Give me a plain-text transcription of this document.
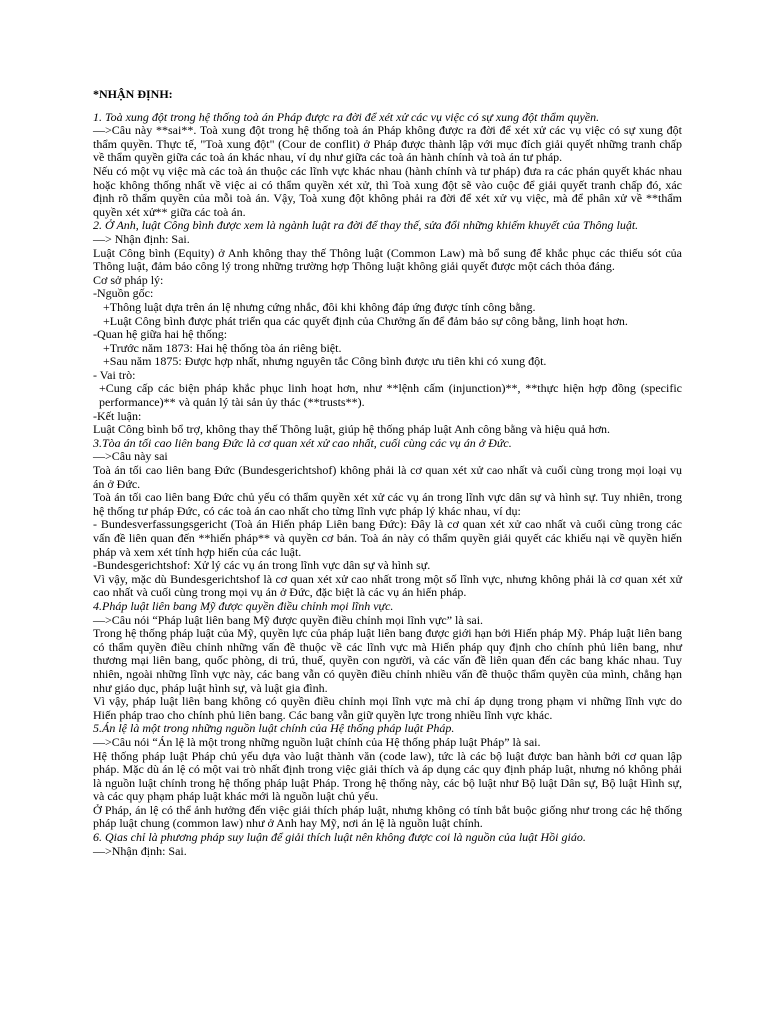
*NHẬN ĐỊNH:

1. Toà xung đột trong hệ thống toà án Pháp được ra đời để xét xử các vụ việc có sự xung đột thẩm quyền.

—>Câu này **sai**. Toà xung đột trong hệ thống toà án Pháp không được ra đời để xét xử các vụ việc có sự xung đột thẩm quyền. Thực tế, "Toà xung đột" (Cour de conflit) ở Pháp được thành lập với mục đích giải quyết những tranh chấp về thẩm quyền giữa các toà án khác nhau, ví dụ như giữa các toà án hành chính và toà án tư pháp.

Nếu có một vụ việc mà các toà án thuộc các lĩnh vực khác nhau (hành chính và tư pháp) đưa ra các phán quyết khác nhau hoặc không thống nhất về việc ai có thẩm quyền xét xử, thì Toà xung đột sẽ vào cuộc để giải quyết tranh chấp đó, xác định rõ thẩm quyền của mỗi toà án. Vậy, Toà xung đột không phải ra đời để xét xử vụ việc, mà để phân xử về **thẩm quyền xét xử** giữa các toà án.

2. Ở Anh, luật Công bình được xem là ngành luật ra đời để thay thế, sửa đổi những khiếm khuyết của Thông luật.

—> Nhận định: Sai.

Luật Công bình (Equity) ở Anh không thay thế Thông luật (Common Law) mà bổ sung để khắc phục các thiếu sót của Thông luật, đảm bảo công lý trong những trường hợp Thông luật không giải quyết được một cách thỏa đáng.

Cơ sở pháp lý:

-Nguồn gốc:

+Thông luật dựa trên án lệ nhưng cứng nhắc, đôi khi không đáp ứng được tính công bằng.

+Luật Công bình được phát triển qua các quyết định của Chưởng ấn để đảm bảo sự công bằng, linh hoạt hơn.

-Quan hệ giữa hai hệ thống:

+Trước năm 1873: Hai hệ thống tòa án riêng biệt.

+Sau năm 1875: Được hợp nhất, nhưng nguyên tắc Công bình được ưu tiên khi có xung đột.

- Vai trò:

+Cung cấp các biện pháp khắc phục linh hoạt hơn, như **lệnh cấm (injunction)**, **thực hiện hợp đồng (specific performance)** và quản lý tài sản ủy thác (**trusts**).

-Kết luận:

Luật Công bình bổ trợ, không thay thế Thông luật, giúp hệ thống pháp luật Anh công bằng và hiệu quả hơn.

3.Tòa án tối cao liên bang Đức là cơ quan xét xử cao nhất, cuối cùng các vụ án ở Đức.

—>Câu này sai

Toà án tối cao liên bang Đức (Bundesgerichtshof) không phải là cơ quan xét xử cao nhất và cuối cùng trong mọi loại vụ án ở Đức.

Toà án tối cao liên bang Đức chủ yếu có thẩm quyền xét xử các vụ án trong lĩnh vực dân sự và hình sự. Tuy nhiên, trong hệ thống tư pháp Đức, có các toà án cao nhất cho từng lĩnh vực pháp lý khác nhau, ví dụ:

- Bundesverfassungsgericht (Toà án Hiến pháp Liên bang Đức): Đây là cơ quan xét xử cao nhất và cuối cùng trong các vấn đề liên quan đến **hiến pháp** và quyền cơ bản. Toà án này có thẩm quyền giải quyết các khiếu nại về quyền hiến pháp và xem xét tính hợp hiến của các luật.

-Bundesgerichtshof: Xử lý các vụ án trong lĩnh vực dân sự và hình sự.

Vì vậy, mặc dù Bundesgerichtshof là cơ quan xét xử cao nhất trong một số lĩnh vực, nhưng không phải là cơ quan xét xử cao nhất và cuối cùng trong mọi vụ án ở Đức, đặc biệt là các vụ án hiến pháp.

4.Pháp luật liên bang Mỹ được quyền điều chỉnh mọi lĩnh vực.

—>Câu nói “Pháp luật liên bang Mỹ được quyền điều chỉnh mọi lĩnh vực” là sai.

Trong hệ thống pháp luật của Mỹ, quyền lực của pháp luật liên bang được giới hạn bởi Hiến pháp Mỹ. Pháp luật liên bang có thẩm quyền điều chỉnh những vấn đề thuộc về các lĩnh vực mà Hiến pháp quy định cho chính phủ liên bang, như thương mại liên bang, quốc phòng, di trú, thuế, quyền con người, và các vấn đề liên quan đến các bang khác nhau. Tuy nhiên, ngoài những lĩnh vực này, các bang vẫn có quyền điều chỉnh nhiều vấn đề thuộc thẩm quyền của mình, chẳng hạn như giáo dục, pháp luật hình sự, và luật gia đình.

Vì vậy, pháp luật liên bang không có quyền điều chỉnh mọi lĩnh vực mà chỉ áp dụng trong phạm vi những lĩnh vực do Hiến pháp trao cho chính phủ liên bang. Các bang vẫn giữ quyền lực trong nhiều lĩnh vực khác.

5.Án lệ là một trong những nguồn luật chính của Hệ thống pháp luật Pháp.

—>Câu nói “Án lệ là một trong những nguồn luật chính của Hệ thống pháp luật Pháp” là sai.

Hệ thống pháp luật Pháp chủ yếu dựa vào luật thành văn (code law), tức là các bộ luật được ban hành bởi cơ quan lập pháp. Mặc dù án lệ có một vai trò nhất định trong việc giải thích và áp dụng các quy định pháp luật, nhưng nó không phải là nguồn luật chính trong hệ thống pháp luật Pháp. Trong hệ thống này, các bộ luật như Bộ luật Dân sự, Bộ luật Hình sự, và các quy phạm pháp luật khác mới là nguồn luật chủ yếu.

Ở Pháp, án lệ có thể ảnh hưởng đến việc giải thích pháp luật, nhưng không có tính bắt buộc giống như trong các hệ thống pháp luật chung (common law) như ở Anh hay Mỹ, nơi án lệ là nguồn luật chính.

6. Qias chỉ là phương pháp suy luận để giải thích luật nên không được coi là nguồn của luật Hồi giáo.

—>Nhận định: Sai.
